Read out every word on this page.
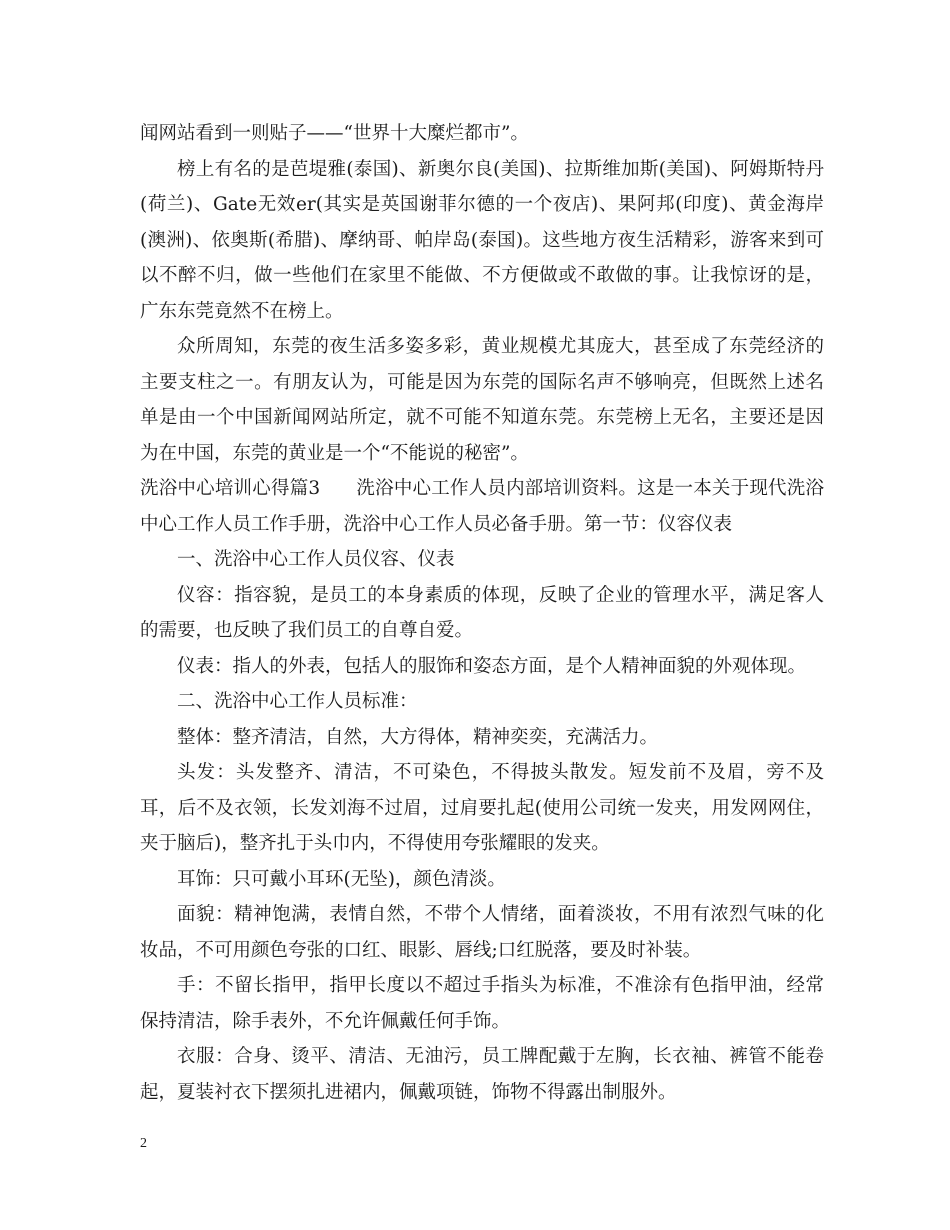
闻网站看到一则贴子——“世界十大糜烂都市”。

榜上有名的是芭堤雅(泰国)、新奥尔良(美国)、拉斯维加斯(美国)、阿姆斯特丹(荷兰)、Gate无效er(其实是英国谢菲尔德的一个夜店)、果阿邦(印度)、黄金海岸(澳洲)、依奥斯(希腊)、摩纳哥、帕岸岛(泰国)。这些地方夜生活精彩，游客来到可以不醉不归，做一些他们在家里不能做、不方便做或不敢做的事。让我惊讶的是，广东东莞竟然不在榜上。

众所周知，东莞的夜生活多姿多彩，黄业规模尤其庞大，甚至成了东莞经济的主要支柱之一。有朋友认为，可能是因为东莞的国际名声不够响亮，但既然上述名单是由一个中国新闻网站所定，就不可能不知道东莞。东莞榜上无名，主要还是因为在中国，东莞的黄业是一个“不能说的秘密”。

洗浴中心培训心得篇3 洗浴中心工作人员内部培训资料。这是一本关于现代洗浴中心工作人员工作手册，洗浴中心工作人员必备手册。第一节：仪容仪表

一、洗浴中心工作人员仪容、仪表

仪容：指容貌，是员工的本身素质的体现，反映了企业的管理水平，满足客人的需要，也反映了我们员工的自尊自爱。

仪表：指人的外表，包括人的服饰和姿态方面，是个人精神面貌的外观体现。

二、洗浴中心工作人员标准：

整体：整齐清洁，自然，大方得体，精神奕奕，充满活力。

头发：头发整齐、清洁，不可染色，不得披头散发。短发前不及眉，旁不及耳，后不及衣领，长发刘海不过眉，过肩要扎起(使用公司统一发夹，用发网网住，夹于脑后)，整齐扎于头巾内，不得使用夸张耀眼的发夹。

耳饰：只可戴小耳环(无坠)，颜色清淡。

面貌：精神饱满，表情自然，不带个人情绪，面着淡妆，不用有浓烈气味的化妆品，不可用颜色夸张的口红、眼影、唇线;口红脱落，要及时补装。

手：不留长指甲，指甲长度以不超过手指头为标准，不准涂有色指甲油，经常保持清洁，除手表外，不允许佩戴任何手饰。

衣服：合身、烫平、清洁、无油污，员工牌配戴于左胸，长衣袖、裤管不能卷起，夏装衬衣下摆须扎进裙内，佩戴项链，饰物不得露出制服外。

2
